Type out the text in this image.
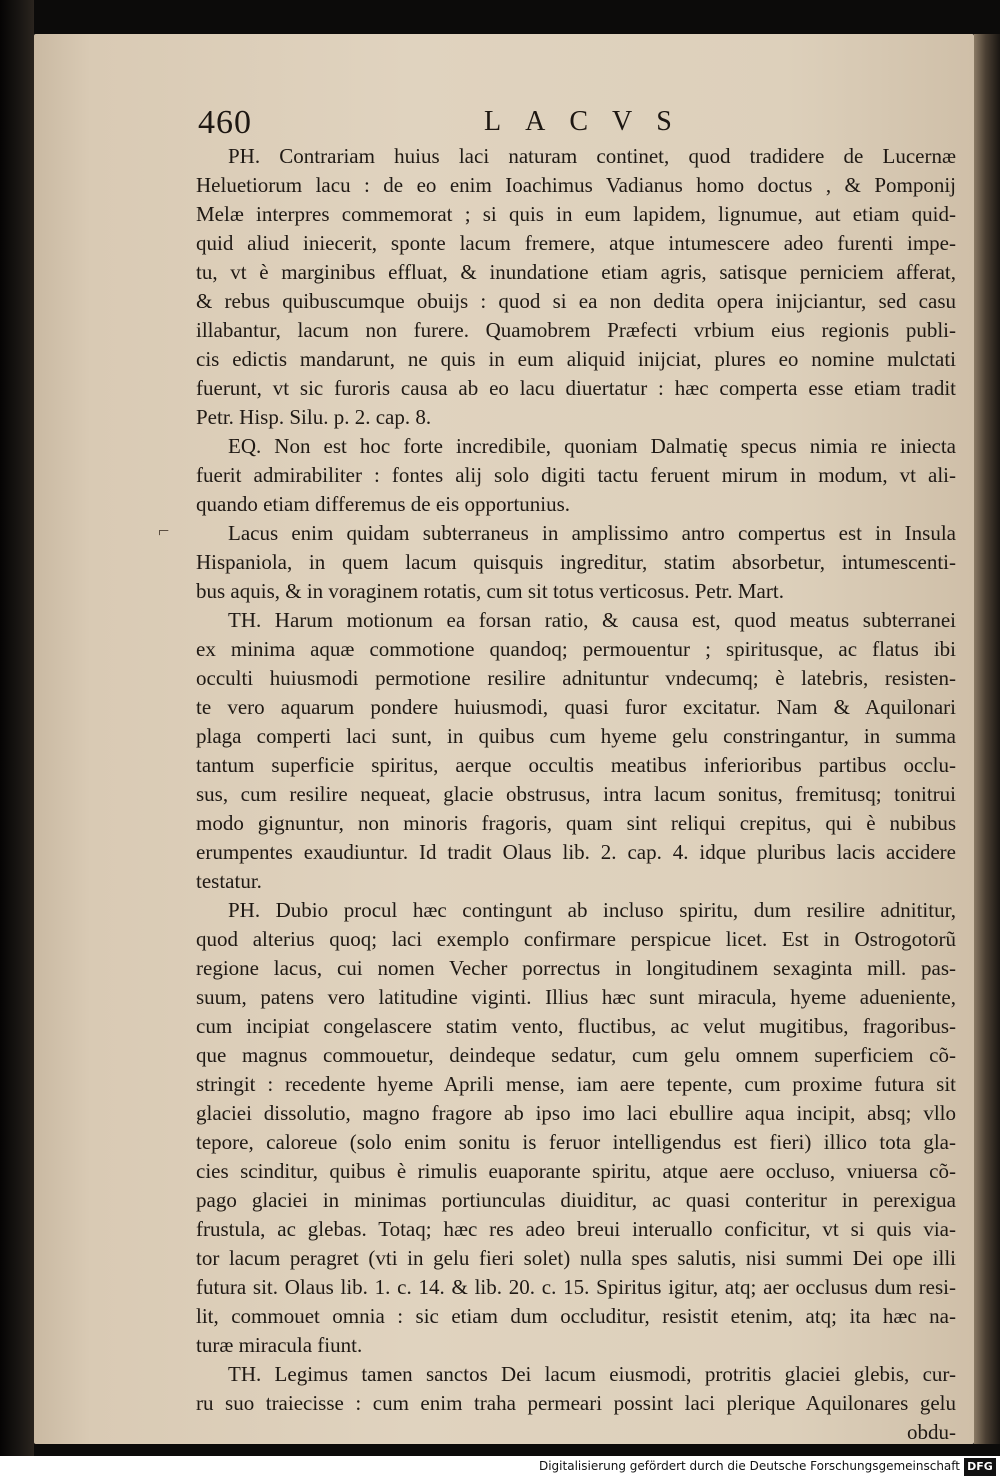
460	LACVS
⌐
PH. Contrariam huius laci naturam continet, quod tradidere de Lucernæ
Heluetiorum lacu : de eo enim Ioachimus Vadianus homo doctus , & Pomponij
Melæ interpres commemorat ; si quis in eum lapidem, lignumue, aut etiam quid-
quid aliud iniecerit, sponte lacum fremere, atque intumescere adeo furenti impe-
tu, vt è marginibus effluat, & inundatione etiam agris, satisque perniciem afferat,
& rebus quibuscumque obuijs : quod si ea non dedita opera inijciantur, sed casu
illabantur, lacum non furere. Quamobrem Præfecti vrbium eius regionis publi-
cis edictis mandarunt, ne quis in eum aliquid inijciat, plures eo nomine mulctati
fuerunt, vt sic furoris causa ab eo lacu diuertatur : hæc comperta esse etiam tradit
Petr. Hisp. Silu. p. 2. cap. 8.
EQ. Non est hoc forte incredibile, quoniam Dalmatię specus nimia re iniecta
fuerit admirabiliter : fontes alij solo digiti tactu feruent mirum in modum, vt ali-
quando etiam differemus de eis opportunius.
Lacus enim quidam subterraneus in amplissimo antro compertus est in Insula
Hispaniola, in quem lacum quisquis ingreditur, statim absorbetur, intumescenti-
bus aquis, & in voraginem rotatis, cum sit totus verticosus. Petr. Mart.
TH. Harum motionum ea forsan ratio, & causa est, quod meatus subterranei
ex minima aquæ commotione quandoq; permouentur ; spiritusque, ac flatus ibi
occulti huiusmodi permotione resilire adnituntur vndecumq; è latebris, resisten-
te vero aquarum pondere huiusmodi, quasi furor excitatur. Nam & Aquilonari
plaga comperti laci sunt, in quibus cum hyeme gelu constringantur, in summa
tantum superficie spiritus, aerque occultis meatibus inferioribus partibus occlu-
sus, cum resilire nequeat, glacie obstrusus, intra lacum sonitus, fremitusq; tonitrui
modo gignuntur, non minoris fragoris, quam sint reliqui crepitus, qui è nubibus
erumpentes exaudiuntur. Id tradit Olaus lib. 2. cap. 4. idque pluribus lacis accidere
testatur.
PH. Dubio procul hæc contingunt ab incluso spiritu, dum resilire adnititur,
quod alterius quoq; laci exemplo confirmare perspicue licet. Est in Ostrogotorũ
regione lacus, cui nomen Vecher porrectus in longitudinem sexaginta mill. pas-
suum, patens vero latitudine viginti. Illius hæc sunt miracula, hyeme adueniente,
cum incipiat congelascere statim vento, fluctibus, ac velut mugitibus, fragoribus-
que magnus commouetur, deindeque sedatur, cum gelu omnem superficiem cõ-
stringit : recedente hyeme Aprili mense, iam aere tepente, cum proxime futura sit
glaciei dissolutio, magno fragore ab ipso imo laci ebullire aqua incipit, absq; vllo
tepore, caloreue (solo enim sonitu is feruor intelligendus est fieri) illico tota gla-
cies scinditur, quibus è rimulis euaporante spiritu, atque aere occluso, vniuersa cõ-
pago glaciei in minimas portiunculas diuiditur, ac quasi conteritur in perexigua
frustula, ac glebas. Totaq; hæc res adeo breui interuallo conficitur, vt si quis via-
tor lacum peragret (vti in gelu fieri solet) nulla spes salutis, nisi summi Dei ope illi
futura sit. Olaus lib. 1. c. 14. & lib. 20. c. 15. Spiritus igitur, atq; aer occlusus dum resi-
lit, commouet omnia : sic etiam dum occluditur, resistit etenim, atq; ita hæc na-
turæ miracula fiunt.
TH. Legimus tamen sanctos Dei lacum eiusmodi, protritis glaciei glebis, cur-
ru suo traiecisse : cum enim traha permeari possint laci plerique Aquilonares gelu
obdu-
Digitalisierung gefördert durch die Deutsche Forschungsgemeinschaft DFG
